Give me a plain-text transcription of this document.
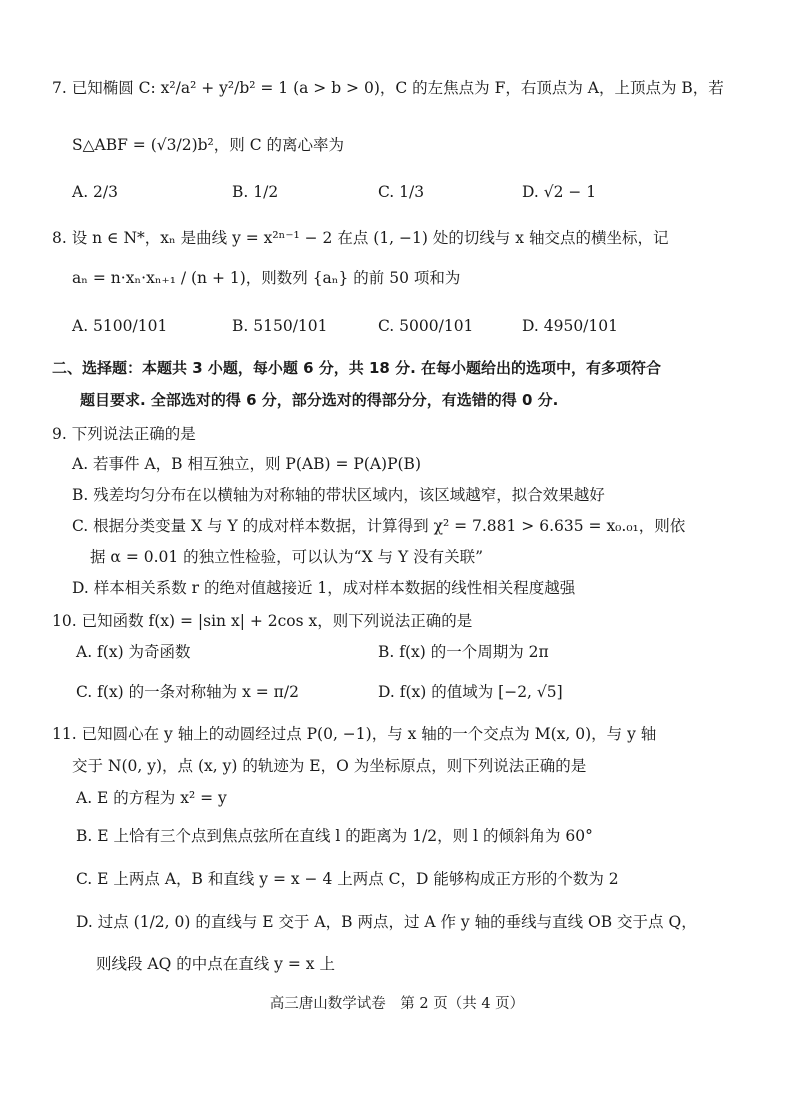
7. 已知椭圆 C: x²/a² + y²/b² = 1 (a > b > 0)，C 的左焦点为 F，右顶点为 A，上顶点为 B，若
S△ABF = (√3/2)b²，则 C 的离心率为
A. 2/3	B. 1/2	C. 1/3	D. √2 − 1
8. 设 n ∈ N*，xₙ 是曲线 y = x²ⁿ⁻¹ − 2 在点 (1, −1) 处的切线与 x 轴交点的横坐标，记
aₙ = n·xₙ·xₙ₊₁ / (n + 1)，则数列 {aₙ} 的前 50 项和为
A. 5100/101	B. 5150/101	C. 5000/101	D. 4950/101
二、选择题：本题共 3 小题，每小题 6 分，共 18 分. 在每小题给出的选项中，有多项符合
题目要求. 全部选对的得 6 分，部分选对的得部分分，有选错的得 0 分.
9. 下列说法正确的是
A. 若事件 A，B 相互独立，则 P(AB) = P(A)P(B)
B. 残差均匀分布在以横轴为对称轴的带状区域内，该区域越窄，拟合效果越好
C. 根据分类变量 X 与 Y 的成对样本数据，计算得到 χ² = 7.881 > 6.635 = x₀.₀₁，则依
据 α = 0.01 的独立性检验，可以认为“X 与 Y 没有关联”
D. 样本相关系数 r 的绝对值越接近 1，成对样本数据的线性相关程度越强
10. 已知函数 f(x) = |sin x| + 2cos x，则下列说法正确的是
A. f(x) 为奇函数	B. f(x) 的一个周期为 2π
C. f(x) 的一条对称轴为 x = π/2	D. f(x) 的值域为 [−2, √5]
11. 已知圆心在 y 轴上的动圆经过点 P(0, −1)，与 x 轴的一个交点为 M(x, 0)，与 y 轴
交于 N(0, y)，点 (x, y) 的轨迹为 E，O 为坐标原点，则下列说法正确的是
A. E 的方程为 x² = y
B. E 上恰有三个点到焦点弦所在直线 l 的距离为 1/2，则 l 的倾斜角为 60°
C. E 上两点 A，B 和直线 y = x − 4 上两点 C，D 能够构成正方形的个数为 2
D. 过点 (1/2, 0) 的直线与 E 交于 A，B 两点，过 A 作 y 轴的垂线与直线 OB 交于点 Q，
则线段 AQ 的中点在直线 y = x 上
高三唐山数学试卷　第 2 页（共 4 页）
